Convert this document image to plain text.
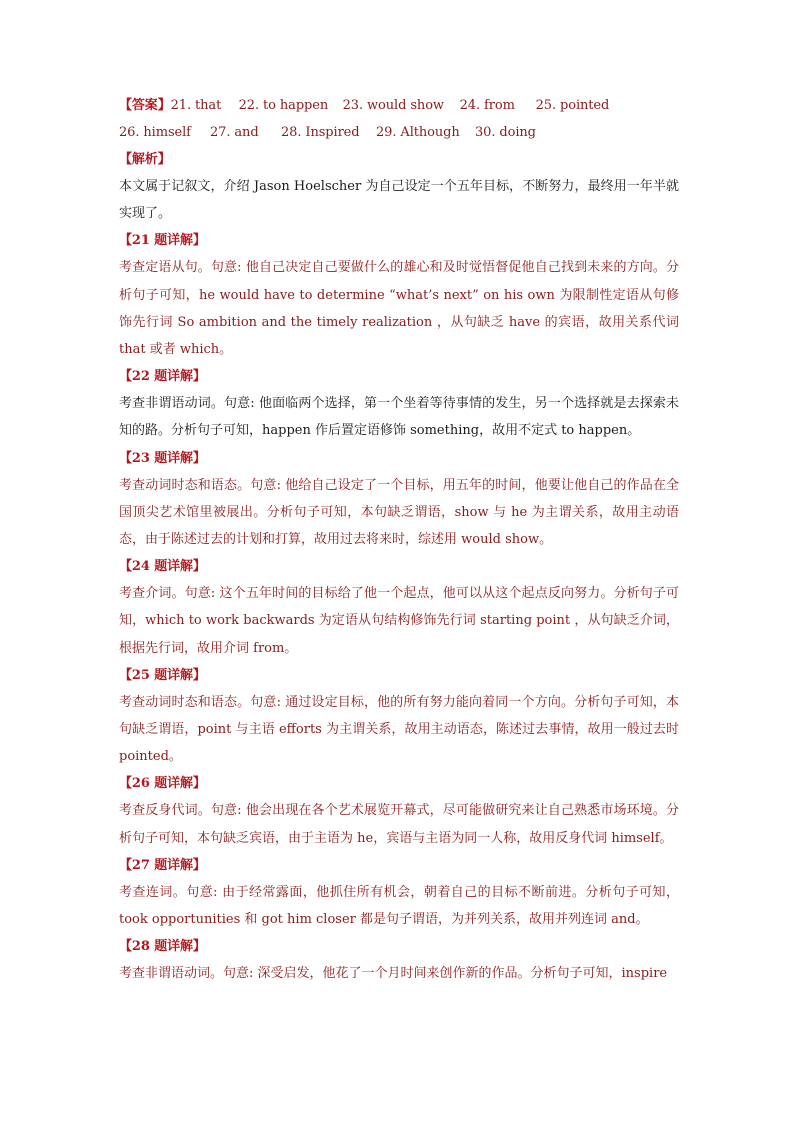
【答案】21. that 22. to happen 23. would show 24. from 25. pointed
26. himself 27. and 28. Inspired 29. Although 30. doing
【解析】
本文属于记叙文，介绍 Jason Hoelscher 为自己设定一个五年目标，不断努力，最终用一年半就实现了。
【21 题详解】
考查定语从句。句意: 他自己决定自己要做什么的雄心和及时觉悟督促他自己找到未来的方向。分析句子可知，he would have to determine “what’s next” on his own 为限制性定语从句修饰先行词 So ambition and the timely realization ，从句缺乏 have 的宾语，故用关系代词 that 或者 which。
【22 题详解】
考查非谓语动词。句意: 他面临两个选择，第一个坐着等待事情的发生，另一个选择就是去探索未知的路。分析句子可知，happen 作后置定语修饰 something，故用不定式 to happen。
【23 题详解】
考查动词时态和语态。句意: 他给自己设定了一个目标，用五年的时间，他要让他自己的作品在全国顶尖艺术馆里被展出。分析句子可知，本句缺乏谓语，show 与 he 为主谓关系，故用主动语态，由于陈述过去的计划和打算，故用过去将来时，综述用 would show。
【24 题详解】
考查介词。句意: 这个五年时间的目标给了他一个起点，他可以从这个起点反向努力。分析句子可知，which to work backwards 为定语从句结构修饰先行词 starting point ，从句缺乏介词，根据先行词，故用介词 from。
【25 题详解】
考查动词时态和语态。句意: 通过设定目标，他的所有努力能向着同一个方向。分析句子可知，本句缺乏谓语，point 与主语 efforts 为主谓关系，故用主动语态，陈述过去事情，故用一般过去时 pointed。
【26 题详解】
考查反身代词。句意: 他会出现在各个艺术展览开幕式，尽可能做研究来让自己熟悉市场环境。分析句子可知，本句缺乏宾语，由于主语为 he，宾语与主语为同一人称，故用反身代词 himself。
【27 题详解】
考查连词。句意: 由于经常露面，他抓住所有机会，朝着自己的目标不断前进。分析句子可知，took opportunities 和 got him closer 都是句子谓语，为并列关系，故用并列连词 and。
【28 题详解】
考查非谓语动词。句意: 深受启发，他花了一个月时间来创作新的作品。分析句子可知，inspire
